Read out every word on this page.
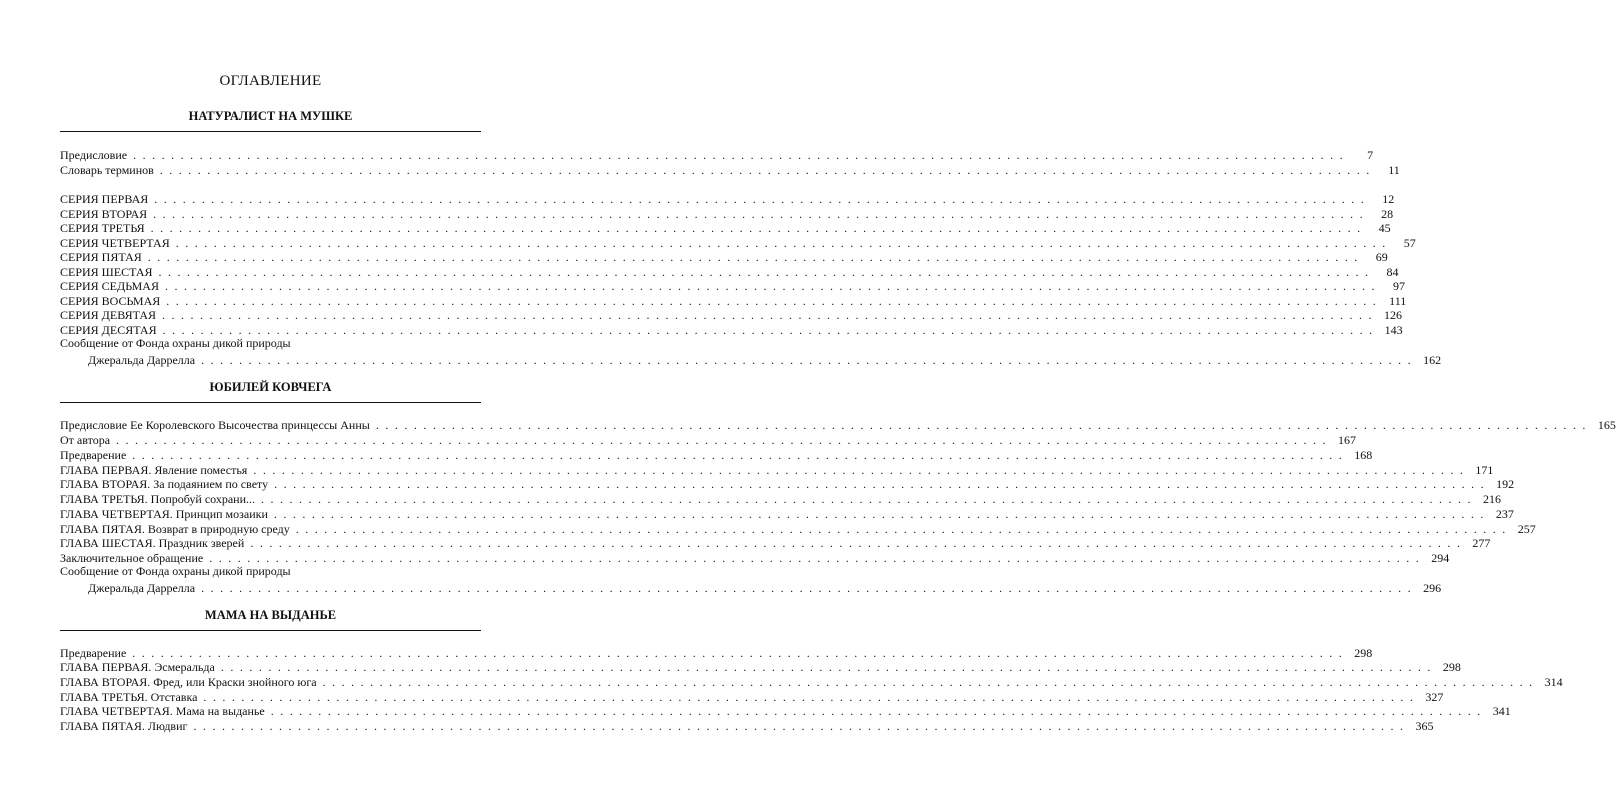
ОГЛАВЛЕНИЕ
НАТУРАЛИСТ НА МУШКЕ
Предисловие ................................................................................................................................	7
Словарь терминов ................................................................................................................................	11
СЕРИЯ ПЕРВАЯ ................................................................................................................................	12
СЕРИЯ ВТОРАЯ ................................................................................................................................	28
СЕРИЯ ТРЕТЬЯ ................................................................................................................................	45
СЕРИЯ ЧЕТВЕРТАЯ ................................................................................................................................	57
СЕРИЯ ПЯТАЯ ................................................................................................................................	69
СЕРИЯ ШЕСТАЯ ................................................................................................................................	84
СЕРИЯ СЕДЬМАЯ ................................................................................................................................	97
СЕРИЯ ВОСЬМАЯ ................................................................................................................................ 111
СЕРИЯ ДЕВЯТАЯ ................................................................................................................................ 126
СЕРИЯ ДЕСЯТАЯ ................................................................................................................................ 143
Сообщение от Фонда охраны дикой природы
Джеральда Даррелла ................................................................................................................................ 162
ЮБИЛЕЙ КОВЧЕГА
Предисловие Ее Королевского Высочества принцессы Анны ................................................................................................................................ 165
От автора ................................................................................................................................ 167
Предварение ................................................................................................................................ 168
ГЛАВА ПЕРВАЯ. Явление поместья ................................................................................................................................ 171
ГЛАВА ВТОРАЯ. За подаянием по свету ................................................................................................................................ 192
ГЛАВА ТРЕТЬЯ. Попробуй сохрани... ................................................................................................................................ 216
ГЛАВА ЧЕТВЕРТАЯ. Принцип мозаики ................................................................................................................................ 237
ГЛАВА ПЯТАЯ. Возврат в природную среду ................................................................................................................................ 257
ГЛАВА ШЕСТАЯ. Праздник зверей ................................................................................................................................ 277
Заключительное обращение ................................................................................................................................ 294
Сообщение от Фонда охраны дикой природы
Джеральда Даррелла ................................................................................................................................ 296
МАМА НА ВЫДАНЬЕ
Предварение ................................................................................................................................ 298
ГЛАВА ПЕРВАЯ. Эсмеральда ................................................................................................................................ 298
ГЛАВА ВТОРАЯ. Фред, или Краски знойного юга ................................................................................................................................ 314
ГЛАВА ТРЕТЬЯ. Отставка ................................................................................................................................ 327
ГЛАВА ЧЕТВЕРТАЯ. Мама на выданье ................................................................................................................................ 341
ГЛАВА ПЯТАЯ. Людвиг ................................................................................................................................ 365
